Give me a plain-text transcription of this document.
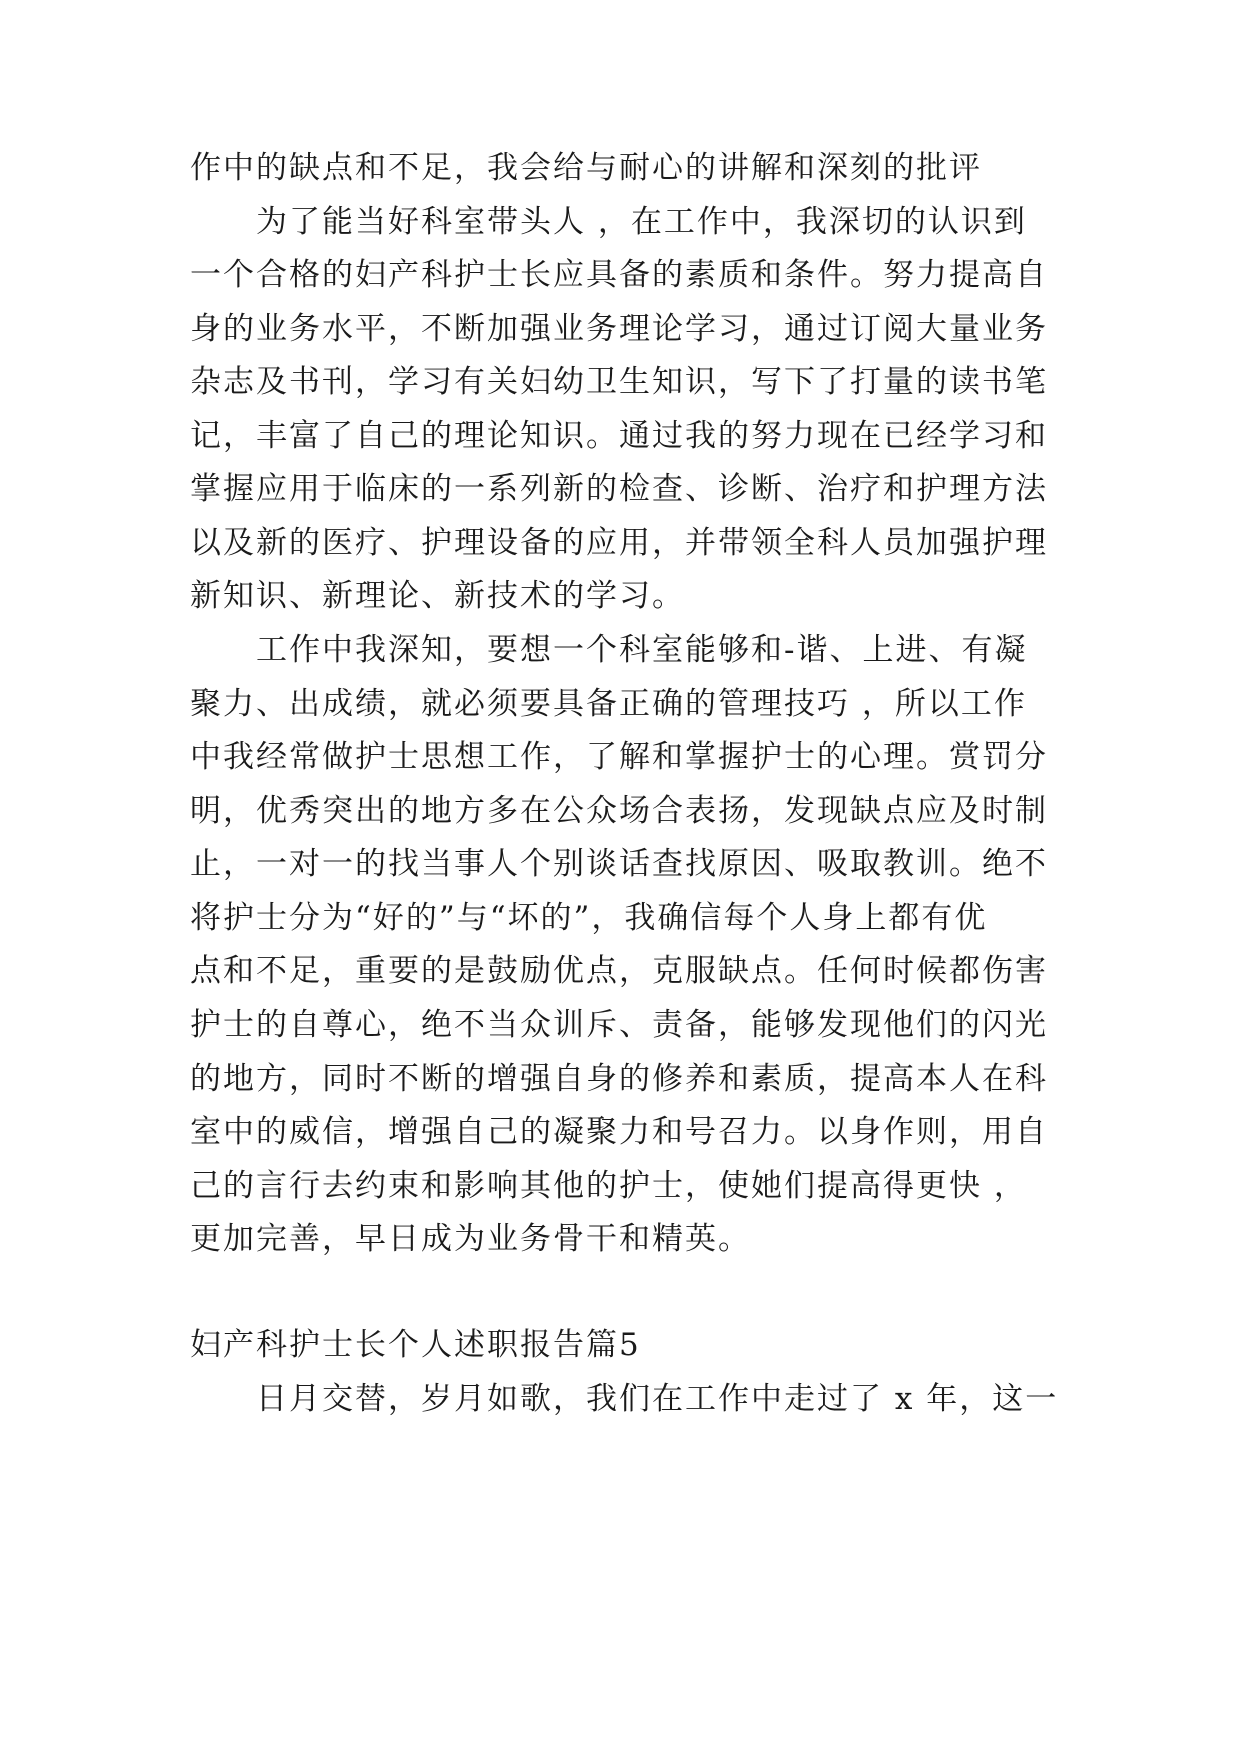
作中的缺点和不足，我会给与耐心的讲解和深刻的批评
为了能当好科室带头人 ，在工作中，我深切的认识到
一个合格的妇产科护士长应具备的素质和条件。努力提高自
身的业务水平，不断加强业务理论学习，通过订阅大量业务
杂志及书刊，学习有关妇幼卫生知识，写下了打量的读书笔
记，丰富了自己的理论知识。通过我的努力现在已经学习和
掌握应用于临床的一系列新的检查、诊断、治疗和护理方法
以及新的医疗、护理设备的应用，并带领全科人员加强护理
新知识、新理论、新技术的学习。
工作中我深知，要想一个科室能够和-谐、上进、有凝
聚力、出成绩，就必须要具备正确的管理技巧 ，所以工作
中我经常做护士思想工作，了解和掌握护士的心理。赏罚分
明，优秀突出的地方多在公众场合表扬，发现缺点应及时制
止，一对一的找当事人个别谈话查找原因、吸取教训。绝不
将护士分为“好的”与“坏的”，我确信每个人身上都有优
点和不足，重要的是鼓励优点，克服缺点。任何时候都伤害
护士的自尊心，绝不当众训斥、责备，能够发现他们的闪光
的地方，同时不断的增强自身的修养和素质，提高本人在科
室中的威信，增强自己的凝聚力和号召力。以身作则，用自
己的言行去约束和影响其他的护士，使她们提高得更快 ，
更加完善，早日成为业务骨干和精英。
妇产科护士长个人述职报告篇5
日月交替，岁月如歌，我们在工作中走过了 x 年，这一
